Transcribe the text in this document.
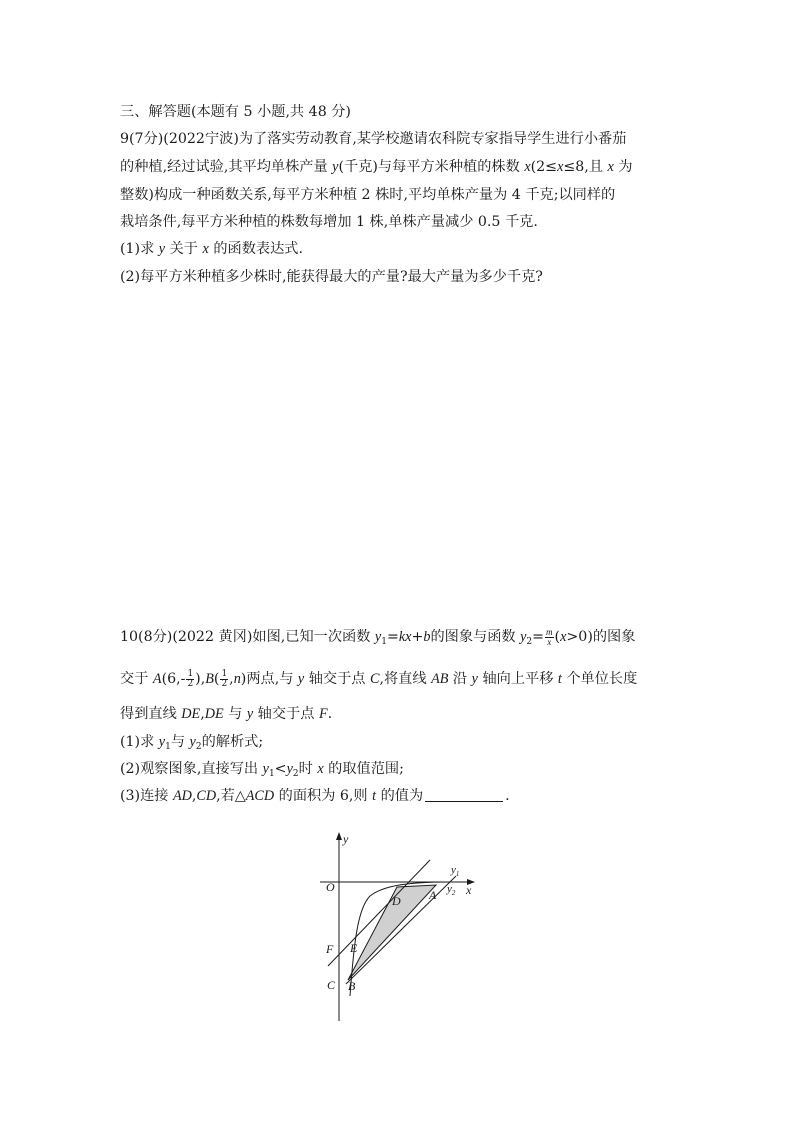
三、解答题(本题有 5 小题,共 48 分)
9(7分)(2022宁波)为了落实劳动教育,某学校邀请农科院专家指导学生进行小番茄
的种植,经过试验,其平均单株产量 y(千克)与每平方米种植的株数 x(2≤x≤8,且 x 为
整数)构成一种函数关系,每平方米种植 2 株时,平均单株产量为 4 千克;以同样的
栽培条件,每平方米种植的株数每增加 1 株,单株产量减少 0.5 千克.
(1)求 y 关于 x 的函数表达式.
(2)每平方米种植多少株时,能获得最大的产量?最大产量为多少千克?
10(8分)(2022 黄冈)如图,已知一次函数 $y_1=kx+b$的图象与函数 $y_2= \frac{m}{x} (x>0)$的图象
交于 $A(6,- \frac{1}{2} ),B( \frac{1}{2} ,n)$两点,与 y 轴交于点 C,将直线 AB 沿 y 轴向上平移 t 个单位长度
得到直线 DE,DE 与 y 轴交于点 F.
(1)求 $y_1$与 $y_2$的解析式;
(2)观察图象,直接写出 $y_1<y_2$时 x 的取值范围;
(3)连接 AD,CD,若△ACD 的面积为 6,则 t 的值为	.
y
x
O
$y_1$
$y_2$
A
D
E
F
C B
